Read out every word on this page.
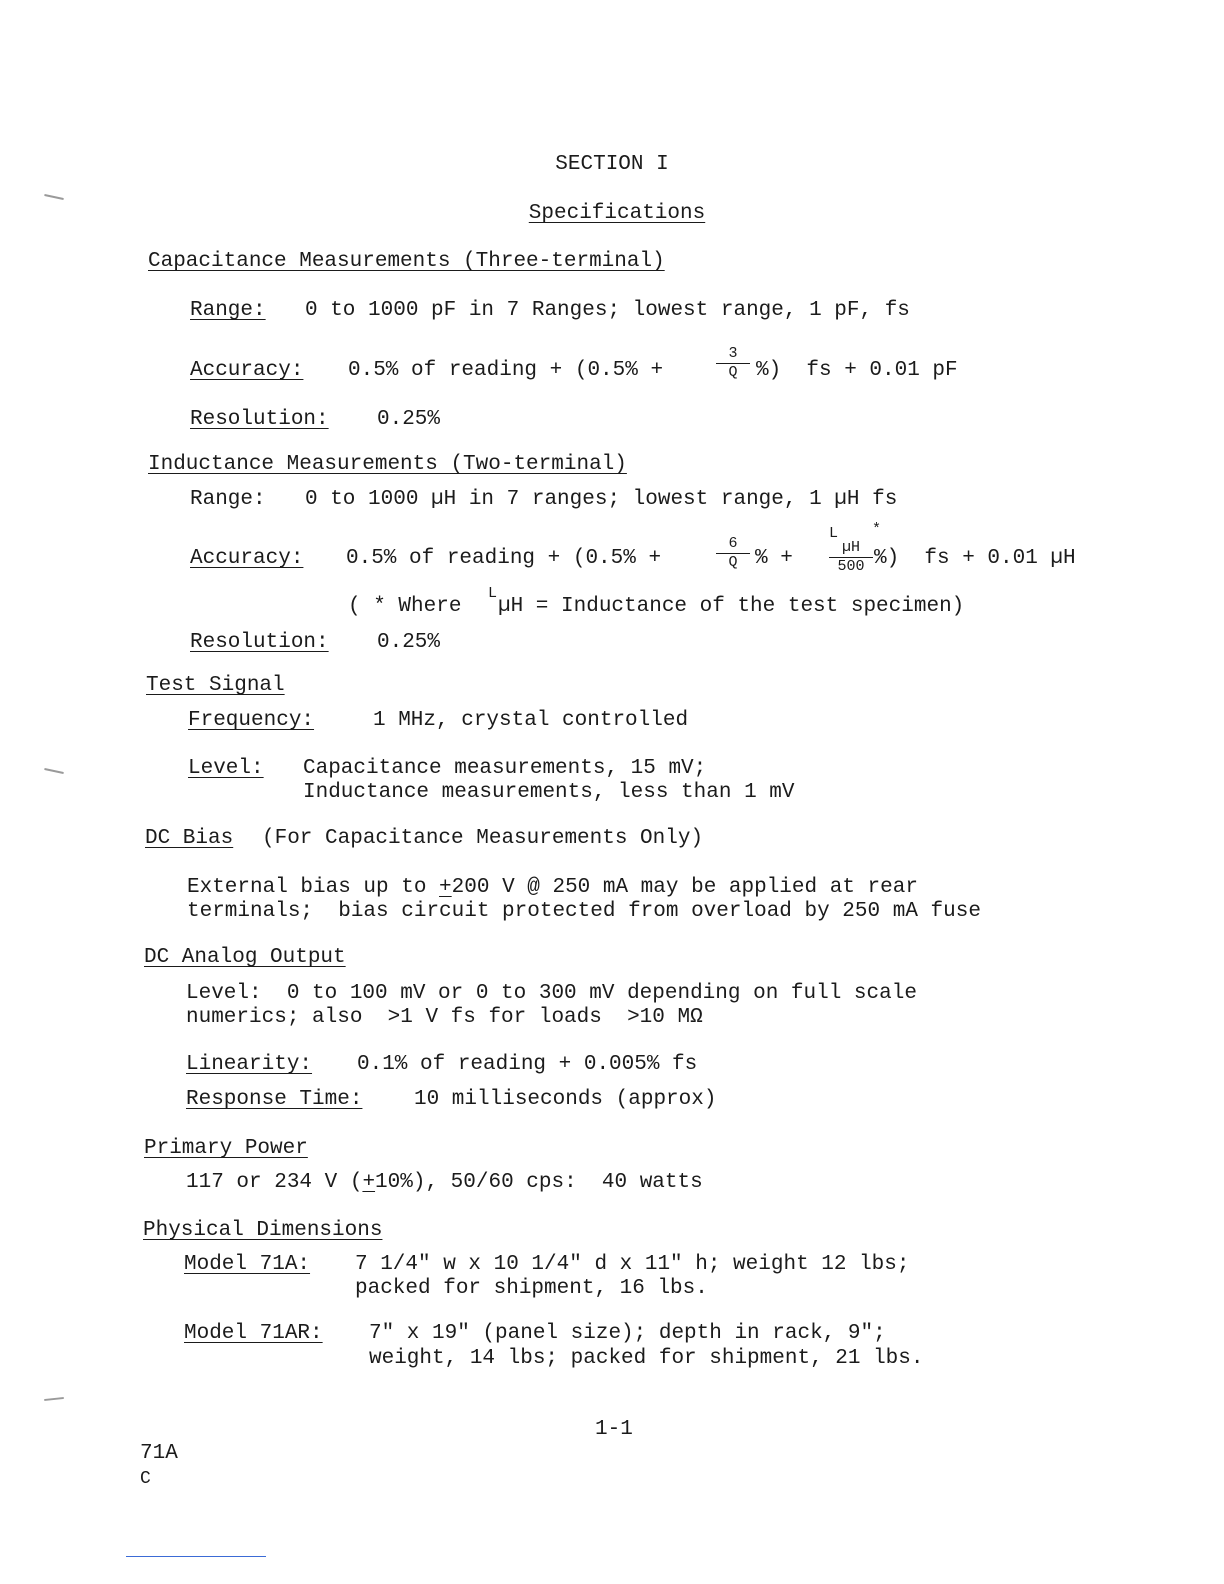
SECTION I
Specifications
Capacitance Measurements (Three-terminal)
Range: 0 to 1000 pF in 7 Ranges; lowest range, 1 pF, fs
Accuracy: 0.5% of reading + (0.5% +	$\frac{3}{Q}$ %)  fs + 0.01 pF
Resolution: 0.25%
Inductance Measurements (Two-terminal)
Range: 0 to 1000 µH in 7 ranges; lowest range, 1 µH fs
Accuracy: 0.5% of reading + (0.5% +	$\frac{6}{Q}$ % +
L *
µH
500 %)  fs + 0.01 µH
( * Where
L
µH = Inductance of the test specimen)
Resolution: 0.25%
Test Signal
Frequency:	1 MHz, crystal controlled
Level: Capacitance measurements, 15 mV;
Inductance measurements, less than 1 mV
DC Bias (For Capacitance Measurements Only)
External bias up to +200 V @ 250 mA may be applied at rear
terminals;  bias circuit protected from overload by 250 mA fuse
DC Analog Output
Level:  0 to 100 mV or 0 to 300 mV depending on full scale
numerics; also  >1 V fs for loads  >10 MΩ
Linearity: 0.1% of reading + 0.005% fs
Response Time: 10 milliseconds (approx)
Primary Power
117 or 234 V (+10%), 50/60 cps:  40 watts
Physical Dimensions
Model 71A: 7 1/4" w x 10 1/4" d x 11" h; weight 12 lbs;
packed for shipment, 16 lbs.
Model 71AR: 7" x 19" (panel size); depth in rack, 9";
weight, 14 lbs; packed for shipment, 21 lbs.
1-1
71A
C
